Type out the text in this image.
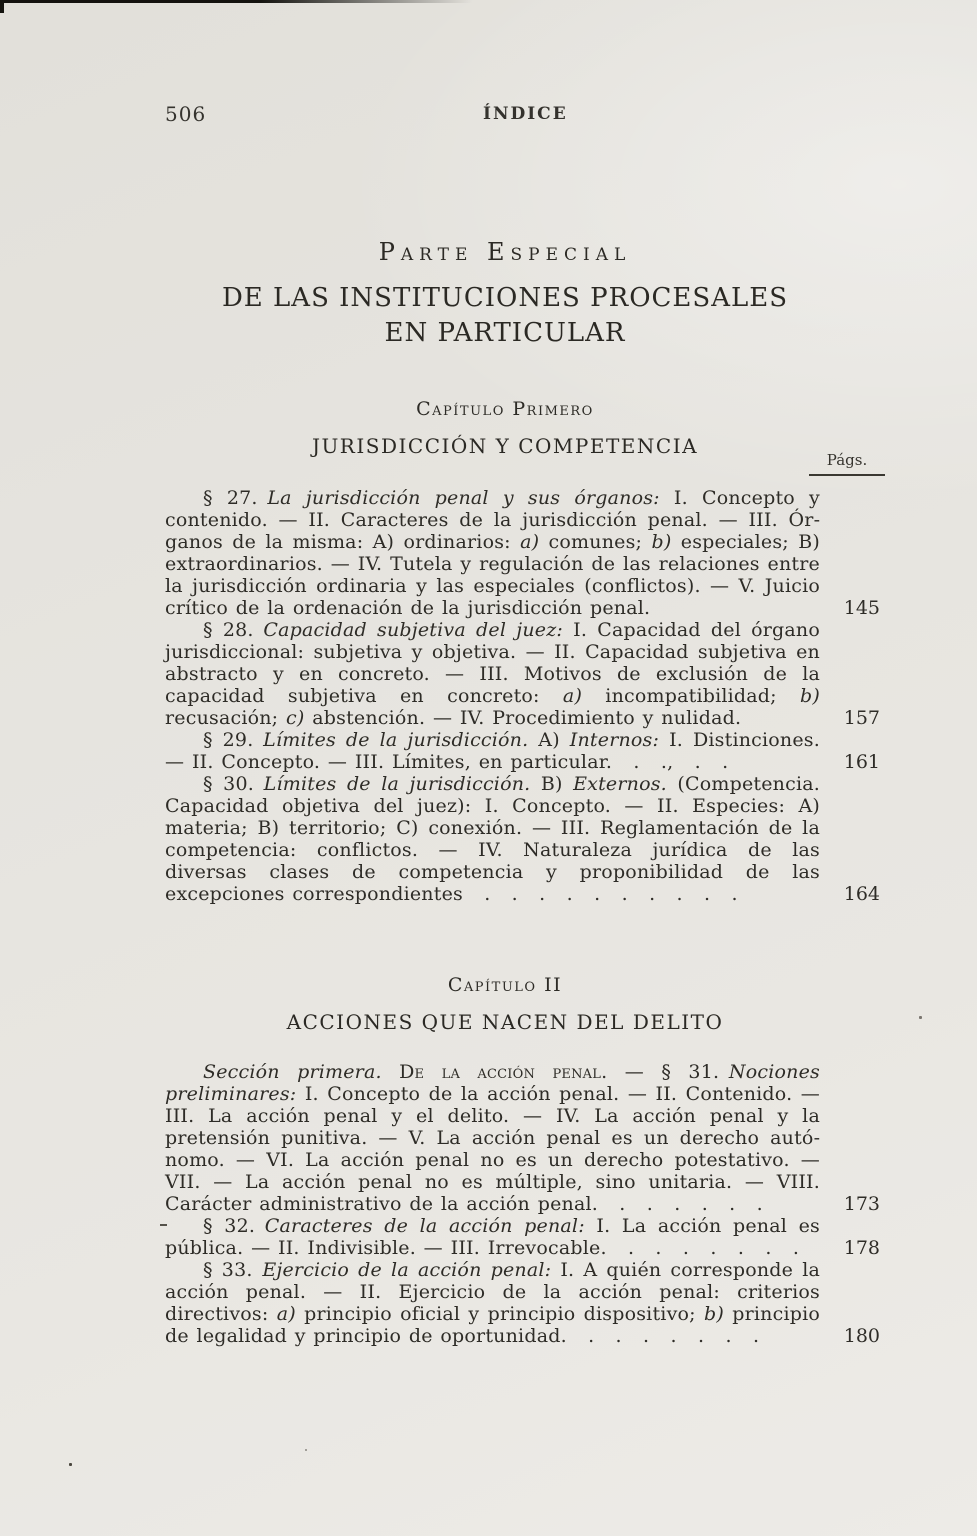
506	ÍNDICE
Parte Especial
DE LAS INSTITUCIONES PROCESALES
EN PARTICULAR
Capítulo Primero
JURISDICCIÓN Y COMPETENCIA
Págs.
§ 27. La jurisdicción penal y sus órganos: I. Concepto y contenido. — II. Caracteres de la jurisdicción penal. — III. Órganos de la misma: A) ordinarios: a) comunes; b) especiales; B) extraordinarios. — IV. Tutela y regulación de las relaciones entre la jurisdicción ordinaria y las especiales (conflictos). — V. Juicio crítico de la ordenación de la jurisdicción penal.	145
§ 28. Capacidad subjetiva del juez: I. Capacidad del órgano jurisdiccional: subjetiva y objetiva. — II. Capacidad subjetiva en abstracto y en concreto. — III. Motivos de exclusión de la capacidad subjetiva en concreto: a) incompatibilidad; b) recusación; c) abstención. — IV. Procedimiento y nulidad.	157
§ 29. Límites de la jurisdicción. A) Internos: I. Distinciones. — II. Concepto. — III. Límites, en particular. . ., . .	161
§ 30. Límites de la jurisdicción. B) Externos. (Competencia. Capacidad objetiva del juez): I. Concepto. — II. Especies: A) materia; B) territorio; C) conexión. — III. Reglamentación de la competencia: conflictos. — IV. Naturaleza jurídica de las diversas clases de competencia y proponibilidad de las excepciones correspondientes . . . . . . . . . .	164
Capítulo II
ACCIONES QUE NACEN DEL DELITO
Sección primera. De la acción penal. — § 31. Nociones preliminares: I. Concepto de la acción penal. — II. Contenido. — III. La acción penal y el delito. — IV. La acción penal y la pretensión punitiva. — V. La acción penal es un derecho autónomo. — VI. La acción penal no es un derecho potestativo. — VII. — La acción penal no es múltiple, sino unitaria. — VIII. Carácter administrativo de la acción penal. . . . . . .	173
§ 32. Caracteres de la acción penal: I. La acción penal es pública. — II. Indivisible. — III. Irrevocable. . . . . . . .	178
§ 33. Ejercicio de la acción penal: I. A quién corresponde la acción penal. — II. Ejercicio de la acción penal: criterios directivos: a) principio oficial y principio dispositivo; b) principio de legalidad y principio de oportunidad. . . . . . . .	180
